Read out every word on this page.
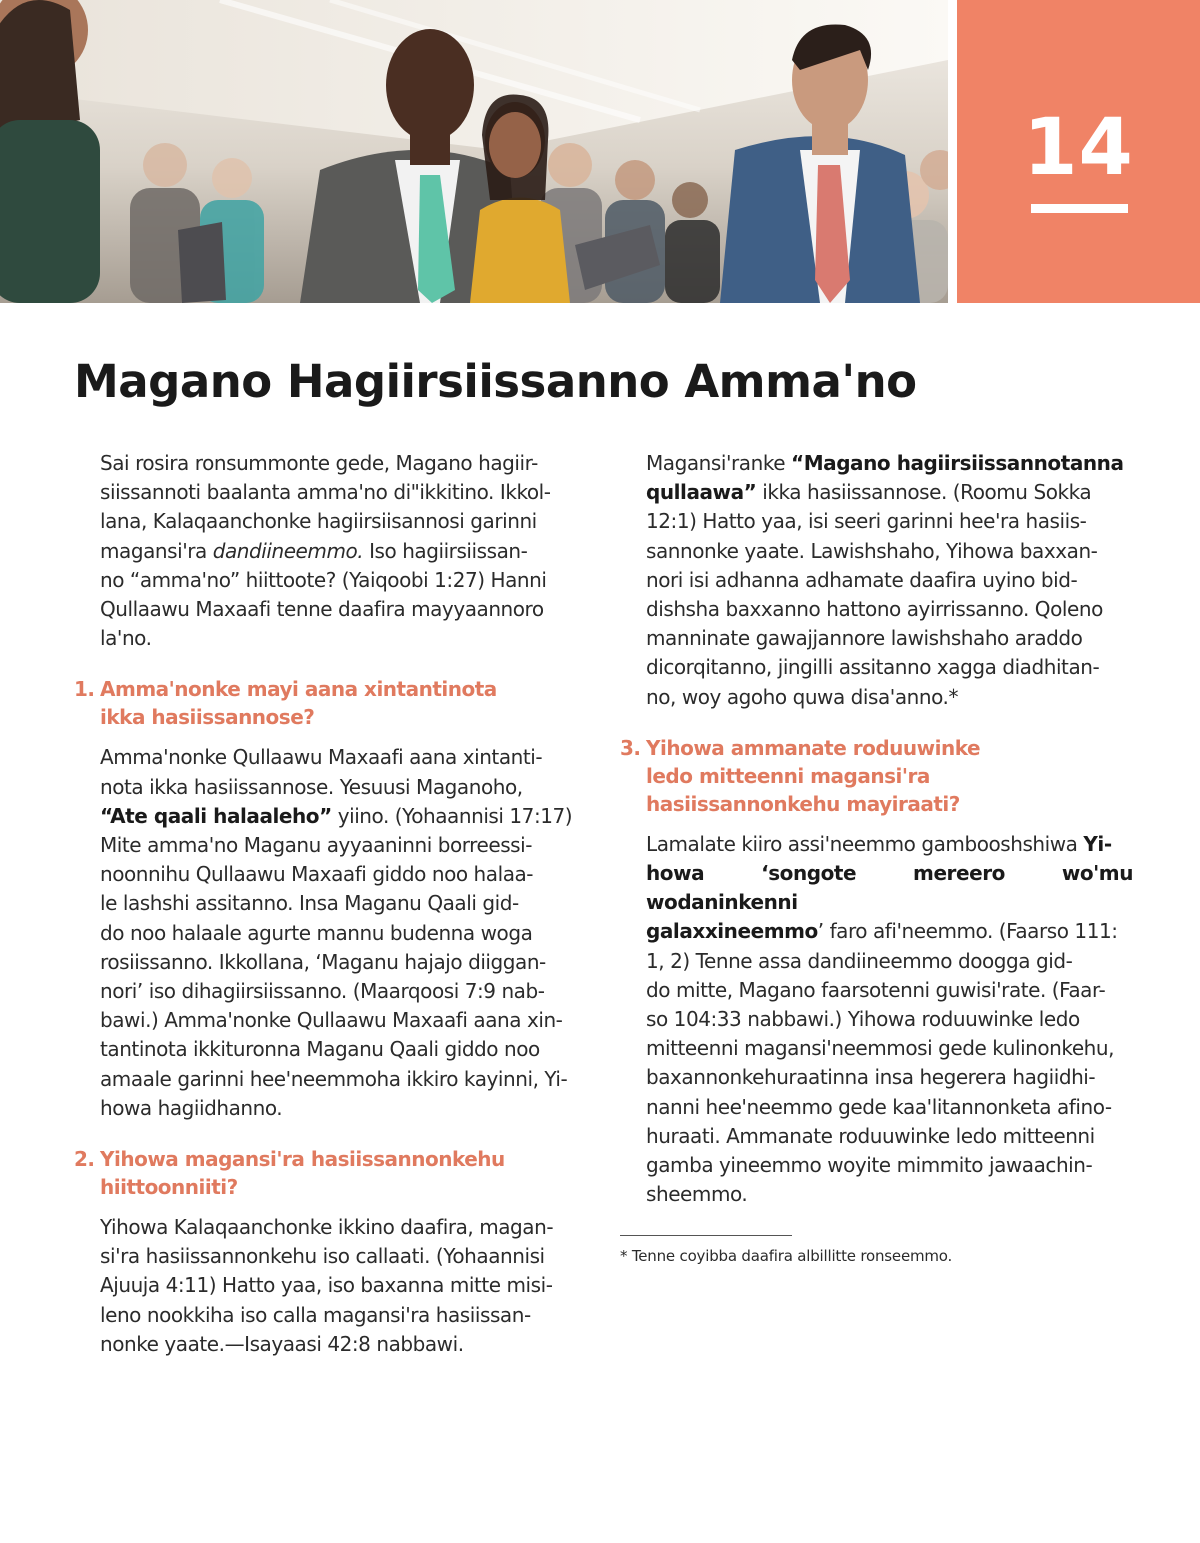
14
Magano Hagiirsiissanno Amma'no

Sai rosira ronsummonte gede, Magano hagiir-
siissannoti baalanta amma'no di"ikkitino. Ikkol-
lana, Kalaqaanchonke hagiirsiisannosi garinni
magansi'ra dandiineemmo. Iso hagiirsiissan-
no “amma'no” hiittoote? (Yaiqoobi 1:27) Hanni
Qullaawu Maxaafi tenne daafira mayyaannoro
la'no.

1. Amma'nonke mayi aana xintantinota
ikka hasiissannose?

Amma'nonke Qullaawu Maxaafi aana xintanti-
nota ikka hasiissannose. Yesuusi Maganoho,
“Ate qaali halaaleho” yiino. (Yohaannisi 17:17)
Mite amma'no Maganu ayyaaninni borreessi-
noonnihu Qullaawu Maxaafi giddo noo halaa-
le lashshi assitanno. Insa Maganu Qaali gid-
do noo halaale agurte mannu budenna woga
rosiissanno. Ikkollana, ‘Maganu hajajo diiggan-
nori’ iso dihagiirsiissanno. (Maarqoosi 7:9 nab-
bawi.) Amma'nonke Qullaawu Maxaafi aana xin-
tantinota ikkituronna Maganu Qaali giddo noo
amaale garinni hee'neemmoha ikkiro kayinni, Yi-
howa hagiidhanno.

2. Yihowa magansi'ra hasiissannonkehu
hiittoonniiti?

Yihowa Kalaqaanchonke ikkino daafira, magan-
si'ra hasiissannonkehu iso callaati. (Yohaannisi
Ajuuja 4:11) Hatto yaa, iso baxanna mitte misi-
leno nookkiha iso calla magansi'ra hasiissan-
nonke yaate.—Isayaasi 42:8 nabbawi.

Magansi'ranke “Magano hagiirsiissannotanna
qullaawa” ikka hasiissannose. (Roomu Sokka
12:1) Hatto yaa, isi seeri garinni hee'ra hasiis-
sannonke yaate. Lawishshaho, Yihowa baxxan-
nori isi adhanna adhamate daafira uyino bid-
dishsha baxxanno hattono ayirrissanno. Qoleno
manninate gawajjannore lawishshaho araddo
dicorqitanno, jingilli assitanno xagga diadhitan-
no, woy agoho quwa disa'anno.*

3. Yihowa ammanate roduuwinke
ledo mitteenni magansi'ra
hasiissannonkehu mayiraati?

Lamalate kiiro assi'neemmo gambooshshiwa Yi-
howa ‘songote mereero wo'mu wodaninkenni
galaxxineemmo’ faro afi'neemmo. (Faarso 111:
1, 2) Tenne assa dandiineemmo doogga gid-
do mitte, Magano faarsotenni guwisi'rate. (Faar-
so 104:33 nabbawi.) Yihowa roduuwinke ledo
mitteenni magansi'neemmosi gede kulinonkehu,
baxannonkehuraatinna insa hegerera hagiidhi-
nanni hee'neemmo gede kaa'litannonketa afino-
huraati. Ammanate roduuwinke ledo mitteenni
gamba yineemmo woyite mimmito jawaachin-
sheemmo.

* Tenne coyibba daafira albillitte ronseemmo.
